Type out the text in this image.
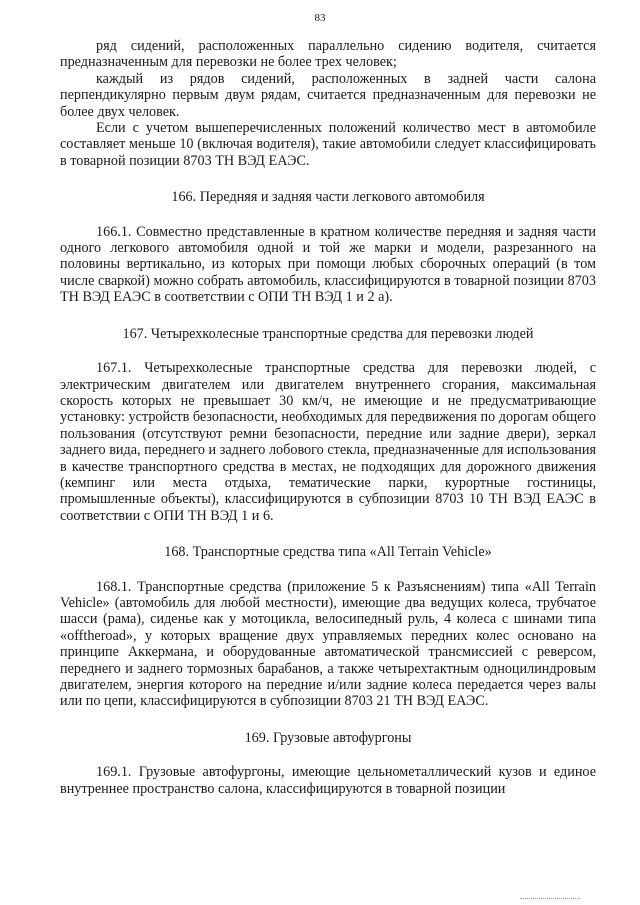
83

ряд сидений, расположенных параллельно сидению водителя, считается предназначенным для перевозки не более трех человек;

каждый из рядов сидений, расположенных в задней части салона перпендикулярно первым двум рядам, считается предназначенным для перевозки не более двух человек.

Если с учетом вышеперечисленных положений количество мест в автомобиле составляет меньше 10 (включая водителя), такие автомобили следует классифицировать в товарной позиции 8703 ТН ВЭД ЕАЭС.

166. Передняя и задняя части легкового автомобиля

166.1. Совместно представленные в кратном количестве передняя и задняя части одного легкового автомобиля одной и той же марки и модели, разрезанного на половины вертикально, из которых при помощи любых сборочных операций (в том числе сваркой) можно собрать автомобиль, классифицируются в товарной позиции 8703 ТН ВЭД ЕАЭС в соответствии с ОПИ ТН ВЭД 1 и 2 а).

167. Четырехколесные транспортные средства для перевозки людей

167.1. Четырехколесные транспортные средства для перевозки людей, с электрическим двигателем или двигателем внутреннего сгорания, максимальная скорость которых не превышает 30 км/ч, не имеющие и не предусматривающие установку: устройств безопасности, необходимых для передвижения по дорогам общего пользования (отсутствуют ремни безопасности, передние или задние двери), зеркал заднего вида, переднего и заднего лобового стекла, предназначенные для использования в качестве транспортного средства в местах, не подходящих для дорожного движения (кемпинг или места отдыха, тематические парки, курортные гостиницы, промышленные объекты), классифицируются в субпозиции 8703 10 ТН ВЭД ЕАЭС в соответствии с ОПИ ТН ВЭД 1 и 6.

168. Транспортные средства типа «All Terrain Vehicle»

168.1. Транспортные средства (приложение 5 к Разъяснениям) типа «All Terrain Vehicle» (автомобиль для любой местности), имеющие два ведущих колеса, трубчатое шасси (рама), сиденье как у мотоцикла, велосипедный руль, 4 колеса с шинами типа «offtheroad», у которых вращение двух управляемых передних колес основано на принципе Аккермана, и оборудованные автоматической трансмиссией с реверсом, переднего и заднего тормозных барабанов, а также четырехтактным одноцилиндровым двигателем, энергия которого на передние и/или задние колеса передается через валы или по цепи, классифицируются в субпозиции 8703 21 ТН ВЭД ЕАЭС.

169. Грузовые автофургоны

169.1. Грузовые автофургоны, имеющие цельнометаллический кузов и единое внутреннее пространство салона, классифицируются в товарной позиции
